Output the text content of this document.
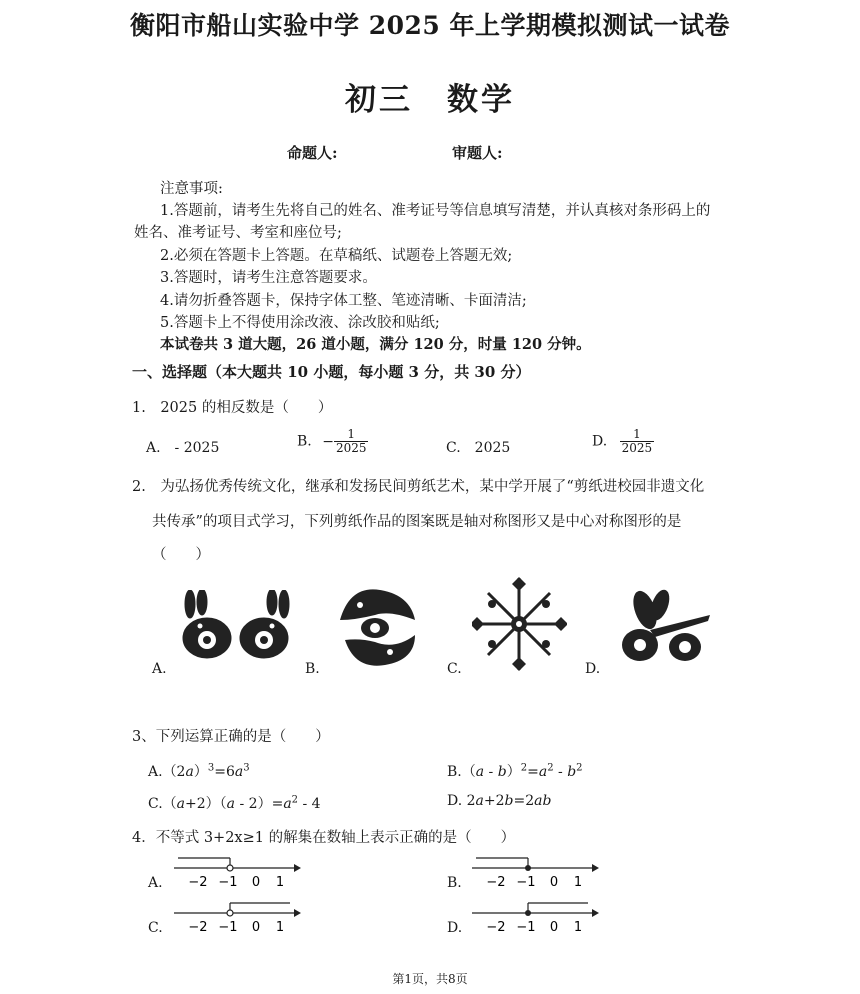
衡阳市船山实验中学 2025 年上学期模拟测试一试卷
初三　数学
命题人:	审题人:
注意事项:
1.答题前，请考生先将自己的姓名、准考证号等信息填写清楚，并认真核对条形码上的
姓名、准考证号、考室和座位号;
2.必须在答题卡上答题。在草稿纸、试题卷上答题无效;
3.答题时，请考生注意答题要求。
4.请勿折叠答题卡，保持字体工整、笔迹清晰、卡面清洁;
5.答题卡上不得使用涂改液、涂改胶和贴纸;
本试卷共 3 道大题，26 道小题，满分 120 分，时量 120 分钟。
一、选择题（本大题共 10 小题，每小题 3 分，共 30 分）
1.　2025 的相反数是（　　）
A.　- 2025	B. − $\frac{1}{2025}$	C.　2025	D. $\frac{1}{2025}$
2.　为弘扬优秀传统文化，继承和发扬民间剪纸艺术，某中学开展了“剪纸进校园非遗文化
共传承”的项目式学习，下列剪纸作品的图案既是轴对称图形又是中心对称图形的是
（　　）
A.	B.	C.	D.
3、下列运算正确的是（　　）
$A.(2a)^3=6a^3$	$B.(a - b)^2=a^2 - b^2$
$C.(a+2)(a - 2)=a^2 - 4$	D. 2a+2b=2ab
4．不等式 3+2x≥1 的解集在数轴上表示正确的是（　　）
A. −2 −1 0 1	B. −2 −1 0 1
C. −2 −1 0 1	D. −2 −1 0 1
第1页，共8页
